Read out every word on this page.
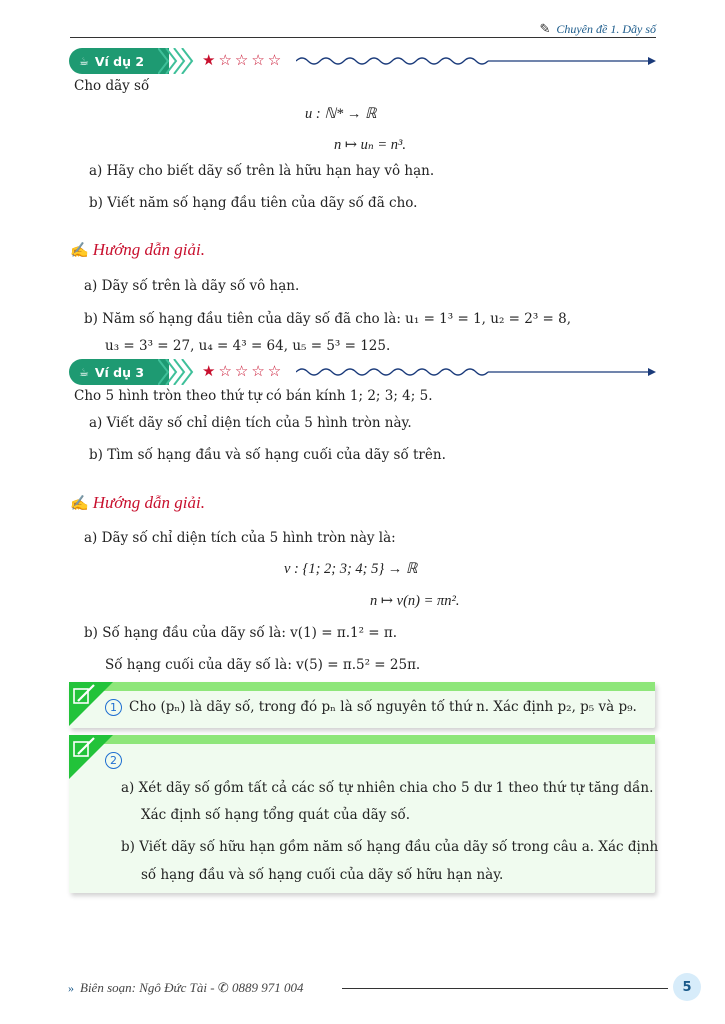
✎ Chuyên đề 1. Dãy số
☕ Ví dụ 2	★☆☆☆☆
Cho dãy số
u : ℕ* → ℝ
n ↦ uₙ = n³.
a) Hãy cho biết dãy số trên là hữu hạn hay vô hạn.
b) Viết năm số hạng đầu tiên của dãy số đã cho.
✍ Hướng dẫn giải.
a) Dãy số trên là dãy số vô hạn.
b) Năm số hạng đầu tiên của dãy số đã cho là: u₁ = 1³ = 1, u₂ = 2³ = 8,
u₃ = 3³ = 27, u₄ = 4³ = 64, u₅ = 5³ = 125.
☕ Ví dụ 3	★☆☆☆☆
Cho 5 hình tròn theo thứ tự có bán kính 1; 2; 3; 4; 5.
a) Viết dãy số chỉ diện tích của 5 hình tròn này.
b) Tìm số hạng đầu và số hạng cuối của dãy số trên.
✍ Hướng dẫn giải.
a) Dãy số chỉ diện tích của 5 hình tròn này là:
v : {1; 2; 3; 4; 5} → ℝ
n ↦ v(n) = πn².
b) Số hạng đầu của dãy số là: v(1) = π.1² = π.
Số hạng cuối của dãy số là: v(5) = π.5² = 25π.
1 Cho (pₙ) là dãy số, trong đó pₙ là số nguyên tố thứ n. Xác định p₂, p₅ và p₉.
2
a) Xét dãy số gồm tất cả các số tự nhiên chia cho 5 dư 1 theo thứ tự tăng dần.
Xác định số hạng tổng quát của dãy số.
b) Viết dãy số hữu hạn gồm năm số hạng đầu của dãy số trong câu a. Xác định
số hạng đầu và số hạng cuối của dãy số hữu hạn này.
» Biên soạn: Ngô Đức Tài - ✆ 0889 971 004	5
